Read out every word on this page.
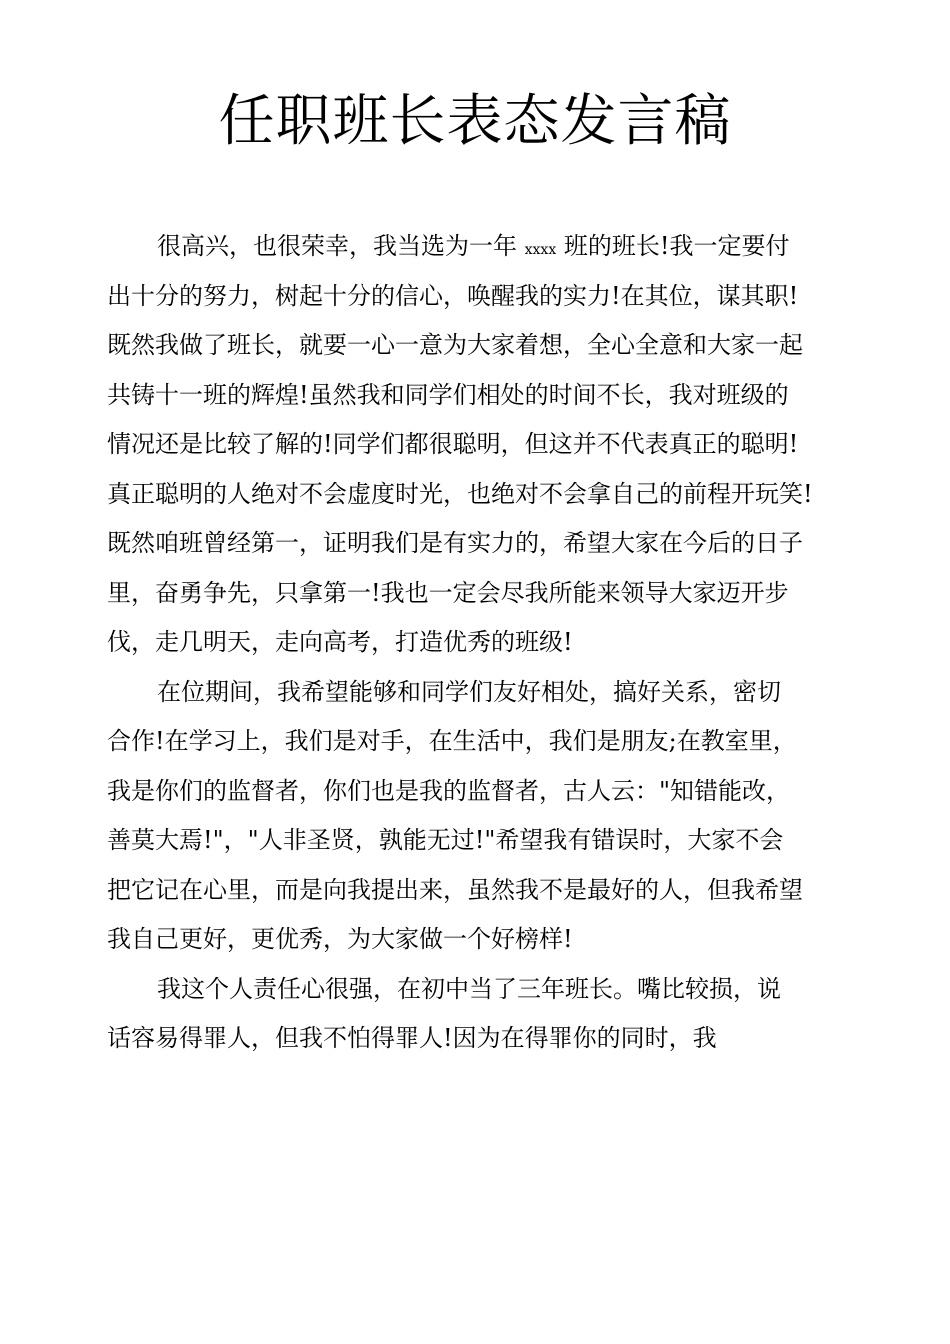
任职班长表态发言稿
很高兴，也很荣幸，我当选为一年 xxxx 班的班长!我一定要付
出十分的努力，树起十分的信心，唤醒我的实力!在其位，谋其职!
既然我做了班长，就要一心一意为大家着想，全心全意和大家一起
共铸十一班的辉煌!虽然我和同学们相处的时间不长，我对班级的
情况还是比较了解的!同学们都很聪明，但这并不代表真正的聪明!
真正聪明的人绝对不会虚度时光，也绝对不会拿自己的前程开玩笑!
既然咱班曾经第一，证明我们是有实力的，希望大家在今后的日子
里，奋勇争先，只拿第一!我也一定会尽我所能来领导大家迈开步
伐，走几明天，走向高考，打造优秀的班级!
在位期间，我希望能够和同学们友好相处，搞好关系，密切
合作!在学习上，我们是对手，在生活中，我们是朋友;在教室里，
我是你们的监督者，你们也是我的监督者，古人云："知错能改，
善莫大焉!"，"人非圣贤，孰能无过!"希望我有错误时，大家不会
把它记在心里，而是向我提出来，虽然我不是最好的人，但我希望
我自己更好，更优秀，为大家做一个好榜样!
我这个人责任心很强，在初中当了三年班长。嘴比较损，说
话容易得罪人，但我不怕得罪人!因为在得罪你的同时，我
